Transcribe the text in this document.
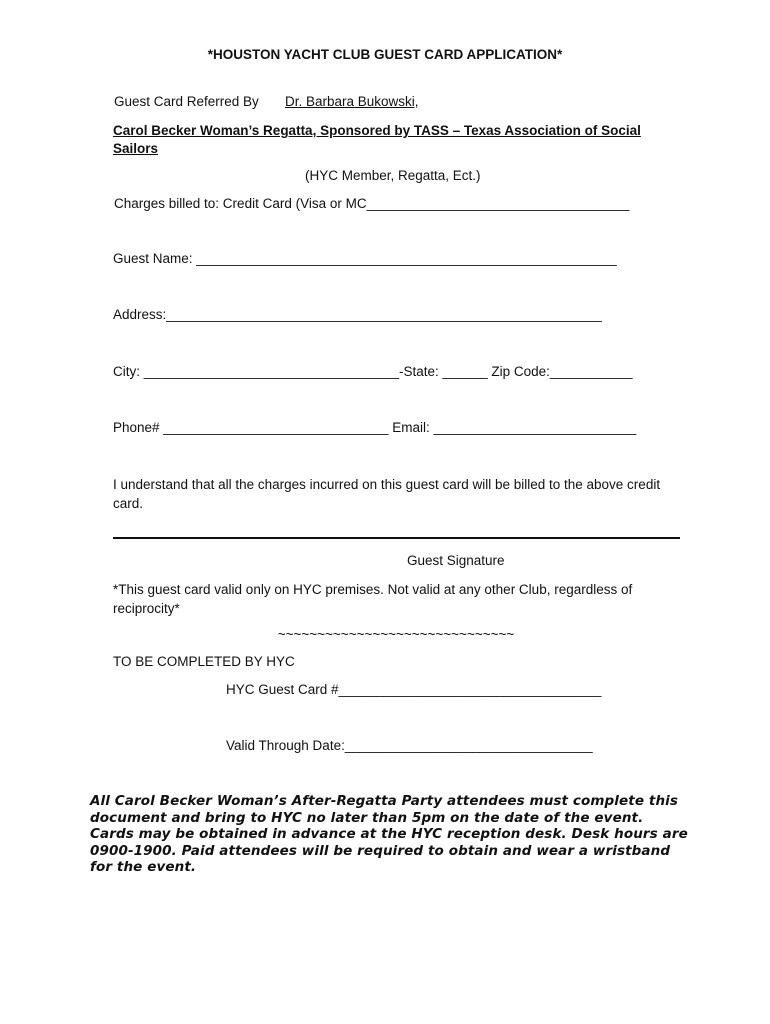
*HOUSTON YACHT CLUB GUEST CARD APPLICATION*
Guest Card Referred By Dr. Barbara Bukowski,
Carol Becker Woman’s Regatta, Sponsored by TASS – Texas Association of Social Sailors
(HYC Member, Regatta, Ect.)
Charges billed to: Credit Card (Visa or MC___________________________________
Guest Name: ________________________________________________________
Address:__________________________________________________________
City: __________________________________-State: ______ Zip Code:___________
Phone# ______________________________ Email: ___________________________
I understand that all the charges incurred on this guest card will be billed to the above credit card.
Guest Signature
*This guest card valid only on HYC premises. Not valid at any other Club, regardless of reciprocity*
~~~~~~~~~~~~~~~~~~~~~~~~~~~~~~
TO BE COMPLETED BY HYC
HYC Guest Card #___________________________________
Valid Through Date:_________________________________
All Carol Becker Woman’s After-Regatta Party attendees must complete this document and bring to HYC no later than 5pm on the date of the event. Cards may be obtained in advance at the HYC reception desk. Desk hours are 0900-1900. Paid attendees will be required to obtain and wear a wristband for the event.
